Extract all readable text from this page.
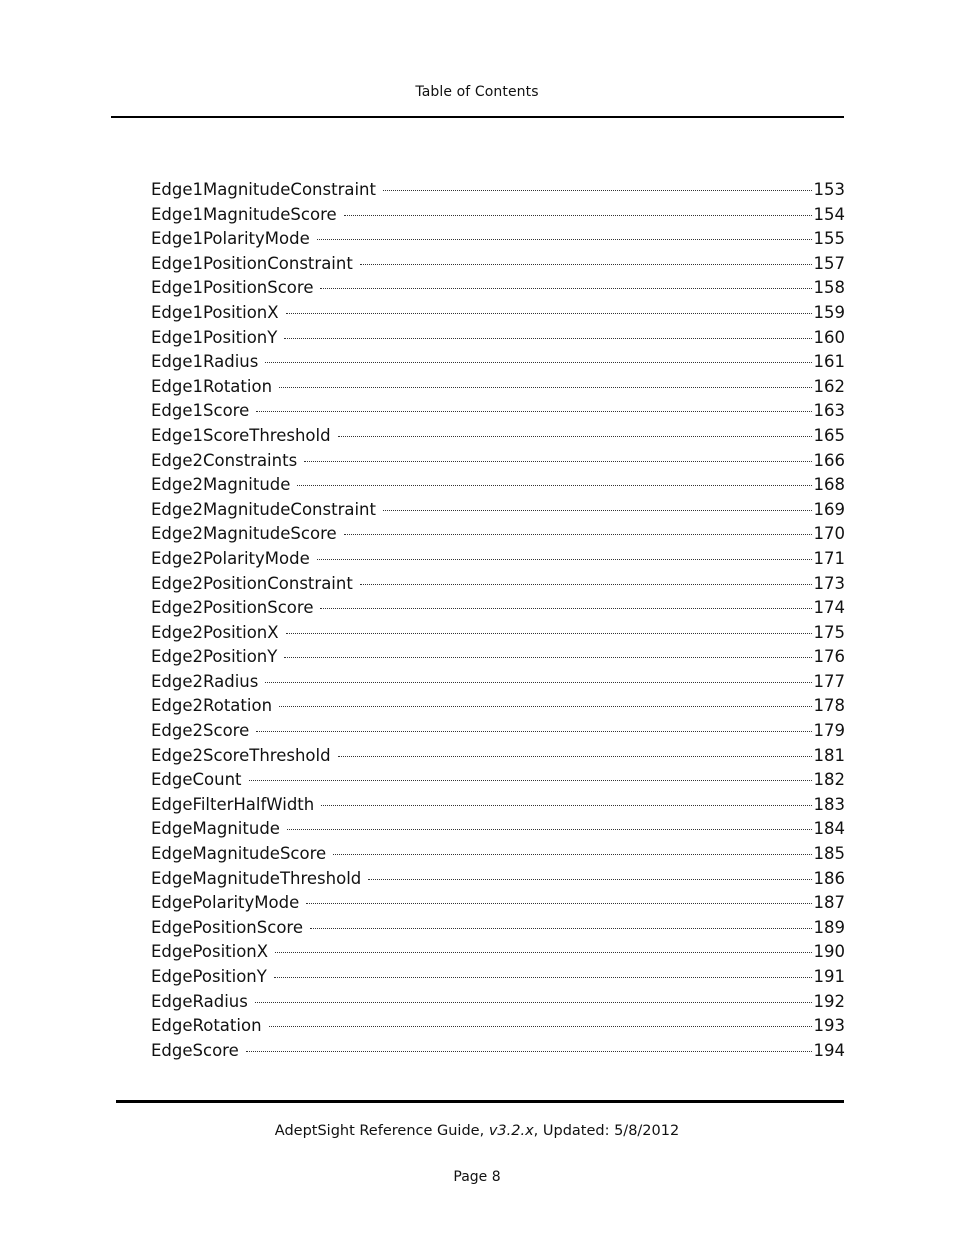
Table of Contents
Edge1MagnitudeConstraint	153
Edge1MagnitudeScore	154
Edge1PolarityMode	155
Edge1PositionConstraint	157
Edge1PositionScore	158
Edge1PositionX	159
Edge1PositionY	160
Edge1Radius	161
Edge1Rotation	162
Edge1Score	163
Edge1ScoreThreshold	165
Edge2Constraints	166
Edge2Magnitude	168
Edge2MagnitudeConstraint	169
Edge2MagnitudeScore	170
Edge2PolarityMode	171
Edge2PositionConstraint	173
Edge2PositionScore	174
Edge2PositionX	175
Edge2PositionY	176
Edge2Radius	177
Edge2Rotation	178
Edge2Score	179
Edge2ScoreThreshold	181
EdgeCount	182
EdgeFilterHalfWidth	183
EdgeMagnitude	184
EdgeMagnitudeScore	185
EdgeMagnitudeThreshold	186
EdgePolarityMode	187
EdgePositionScore	189
EdgePositionX	190
EdgePositionY	191
EdgeRadius	192
EdgeRotation	193
EdgeScore	194
AdeptSight Reference Guide, v3.2.x, Updated: 5/8/2012
Page 8
